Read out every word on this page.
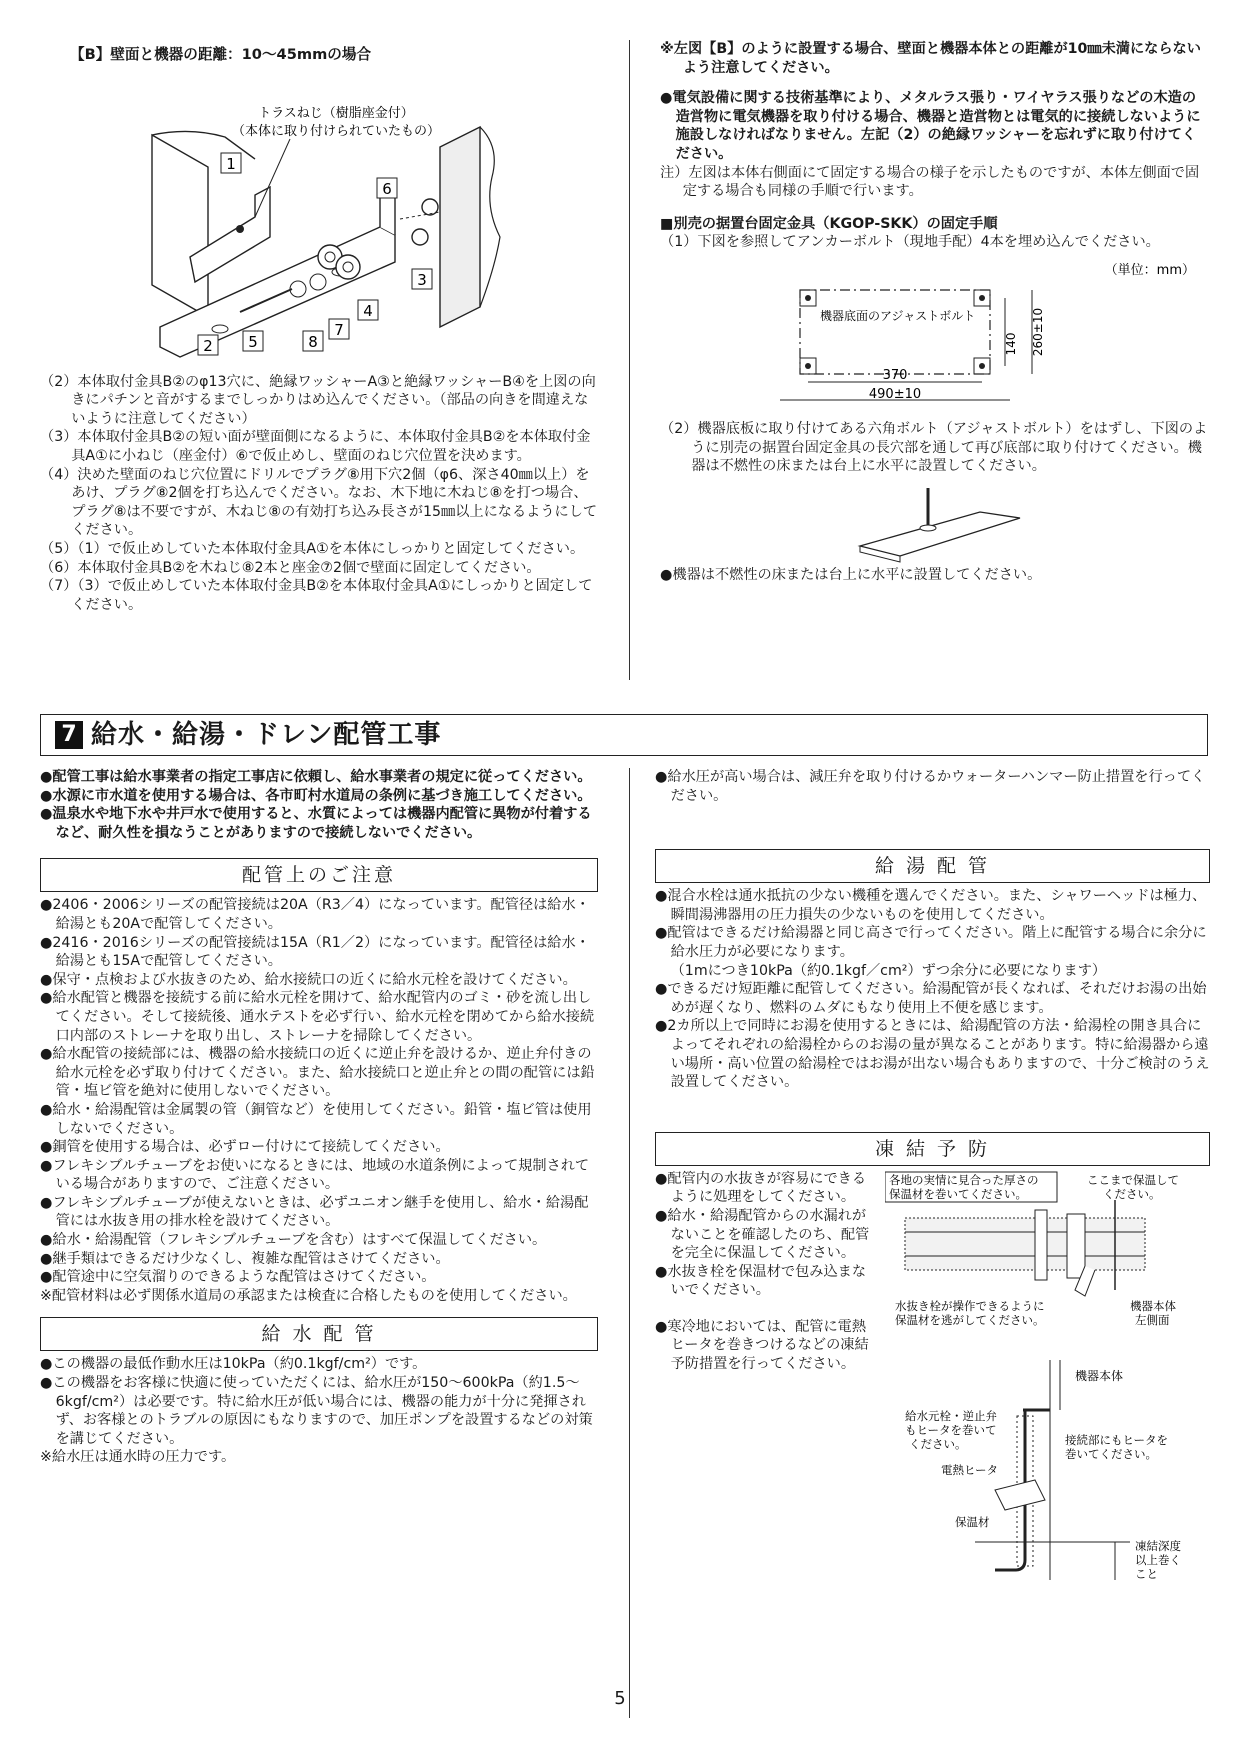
【B】壁面と機器の距離：10〜45mmの場合
トラスねじ（樹脂座金付）
（本体に取り付けられていたもの）
1
6
3
4
7
8
5
2

（2）本体取付金具B②のφ13穴に、絶縁ワッシャーA③と絶縁ワッシャーB④を上図の向きにパチンと音がするまでしっかりはめ込んでください。（部品の向きを間違えないように注意してください）

（3）本体取付金具B②の短い面が壁面側になるように、本体取付金具B②を本体取付金具A①に小ねじ（座金付）⑥で仮止めし、壁面のねじ穴位置を決めます。

（4）決めた壁面のねじ穴位置にドリルでプラグ⑧用下穴2個（φ6、深さ40㎜以上）をあけ、プラグ⑧2個を打ち込んでください。なお、木下地に木ねじ⑧を打つ場合、プラグ⑧は不要ですが、木ねじ⑧の有効打ち込み長さが15㎜以上になるようにしてください。

（5）（1）で仮止めしていた本体取付金具A①を本体にしっかりと固定してください。

（6）本体取付金具B②を木ねじ⑧2本と座金⑦2個で壁面に固定してください。

（7）（3）で仮止めしていた本体取付金具B②を本体取付金具A①にしっかりと固定してください。

※左図【B】のように設置する場合、壁面と機器本体との距離が10㎜未満にならないよう注意してください。

●電気設備に関する技術基準により、メタルラス張り・ワイヤラス張りなどの木造の造営物に電気機器を取り付ける場合、機器と造営物とは電気的に接続しないように施設しなければなりません。左記（2）の絶縁ワッシャーを忘れずに取り付けてください。

注）左図は本体右側面にて固定する場合の様子を示したものですが、本体左側面で固定する場合も同様の手順で行います。

■別売の据置台固定金具（KGOP-SKK）の固定手順

（1）下図を参照してアンカーボルト（現地手配）4本を埋め込んでください。

（単位：mm）
機器底面のアジャストボルト
140 260±10
370
490±10

（2）機器底板に取り付けてある六角ボルト（アジャストボルト）をはずし、下図のように別売の据置台固定金具の長穴部を通して再び底部に取り付けてください。機器は不燃性の床または台上に水平に設置してください。

●機器は不燃性の床または台上に水平に設置してください。

7 給水・給湯・ドレン配管工事

●配管工事は給水事業者の指定工事店に依頼し、給水事業者の規定に従ってください。

●水源に市水道を使用する場合は、各市町村水道局の条例に基づき施工してください。

●温泉水や地下水や井戸水で使用すると、水質によっては機器内配管に異物が付着するなど、耐久性を損なうことがありますので接続しないでください。

配管上のご注意

●2406・2006シリーズの配管接続は20A（R3／4）になっています。配管径は給水・給湯とも20Aで配管してください。

●2416・2016シリーズの配管接続は15A（R1／2）になっています。配管径は給水・給湯とも15Aで配管してください。

●保守・点検および水抜きのため、給水接続口の近くに給水元栓を設けてください。

●給水配管と機器を接続する前に給水元栓を開けて、給水配管内のゴミ・砂を流し出してください。そして接続後、通水テストを必ず行い、給水元栓を閉めてから給水接続口内部のストレーナを取り出し、ストレーナを掃除してください。

●給水配管の接続部には、機器の給水接続口の近くに逆止弁を設けるか、逆止弁付きの給水元栓を必ず取り付けてください。また、給水接続口と逆止弁との間の配管には鉛管・塩ビ管を絶対に使用しないでください。

●給水・給湯配管は金属製の管（銅管など）を使用してください。鉛管・塩ビ管は使用しないでください。

●銅管を使用する場合は、必ずロー付けにて接続してください。

●フレキシブルチューブをお使いになるときには、地域の水道条例によって規制されている場合がありますので、ご注意ください。

●フレキシブルチューブが使えないときは、必ずユニオン継手を使用し、給水・給湯配管には水抜き用の排水栓を設けてください。

●給水・給湯配管（フレキシブルチューブを含む）はすべて保温してください。

●継手類はできるだけ少なくし、複雑な配管はさけてください。

●配管途中に空気溜りのできるような配管はさけてください。

※配管材料は必ず関係水道局の承認または検査に合格したものを使用してください。

給 水 配 管

●この機器の最低作動水圧は10kPa（約0.1kgf/cm²）です。

●この機器をお客様に快適に使っていただくには、給水圧が150〜600kPa（約1.5〜6kgf/cm²）は必要です。特に給水圧が低い場合には、機器の能力が十分に発揮されず、お客様とのトラブルの原因にもなりますので、加圧ポンプを設置するなどの対策を講じてください。

※給水圧は通水時の圧力です。

●給水圧が高い場合は、減圧弁を取り付けるかウォーターハンマー防止措置を行ってください。

給 湯 配 管

●混合水栓は通水抵抗の少ない機種を選んでください。また、シャワーヘッドは極力、瞬間湯沸器用の圧力損失の少ないものを使用してください。

●配管はできるだけ給湯器と同じ高さで行ってください。階上に配管する場合に余分に給水圧力が必要になります。

（1mにつき10kPa（約0.1kgf／cm²）ずつ余分に必要になります）

●できるだけ短距離に配管してください。給湯配管が長くなれば、それだけお湯の出始めが遅くなり、燃料のムダにもなり使用上不便を感じます。

●2カ所以上で同時にお湯を使用するときには、給湯配管の方法・給湯栓の開き具合によってそれぞれの給湯栓からのお湯の量が異なることがあります。特に給湯器から遠い場所・高い位置の給湯栓ではお湯が出ない場合もありますので、十分ご検討のうえ設置してください。

凍 結 予 防

●配管内の水抜きが容易にできるように処理をしてください。

●給水・給湯配管からの水漏れがないことを確認したのち、配管を完全に保温してください。

●水抜き栓を保温材で包み込まないでください。

●寒冷地においては、配管に電熱ヒータを巻きつけるなどの凍結予防措置を行ってください。

各地の実情に見合った厚さの
保温材を巻いてください。
ここまで保温して
ください。
水抜き栓が操作できるように
保温材を逃がしてください。
機器本体
左側面
機器本体
給水元栓・逆止弁
もヒータを巻いて
ください。	接続部にもヒータを
巻いてください。
電熱ヒータ
保温材
凍結深度
以上巻く
こと
5
